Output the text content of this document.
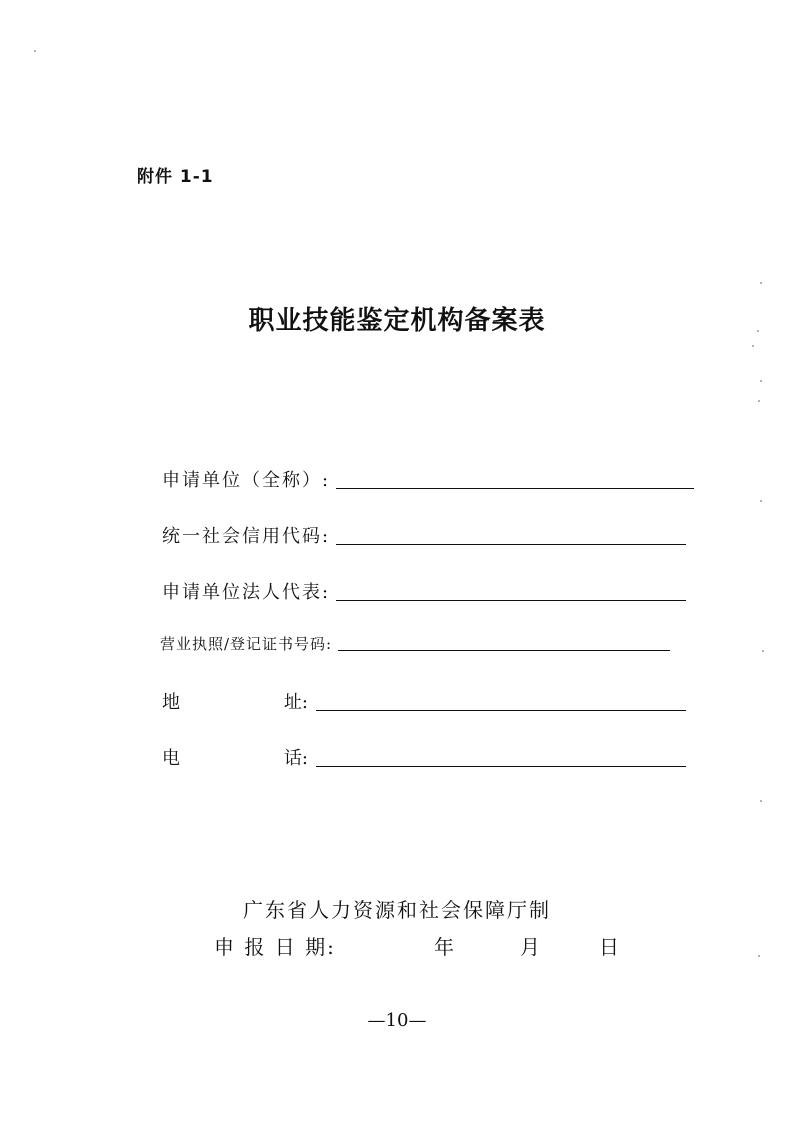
附件 1-1
职业技能鉴定机构备案表
申请单位（全称）:
统一社会信用代码:
申请单位法人代表:
营业执照/登记证书号码:
地	址:
电	话:
广东省人力资源和社会保障厅制
申 报 日 期:	年	月	日
—10—
